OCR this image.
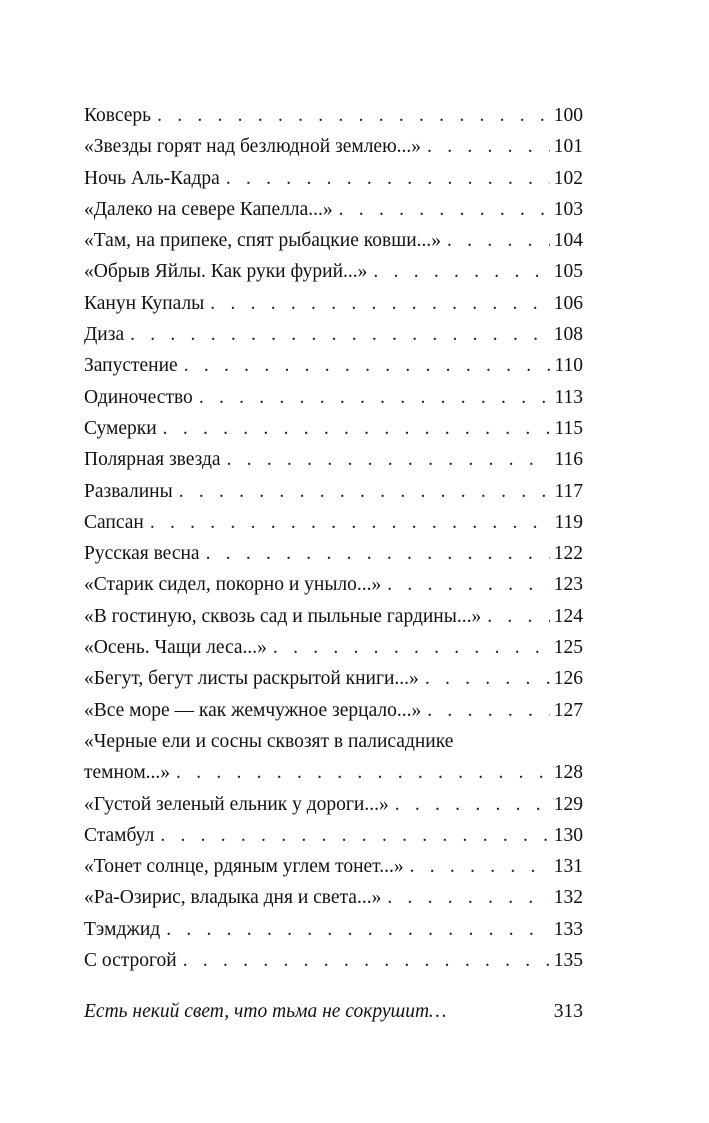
Ковсерь . . .	100
«Звезды горят над безлюдной землею...» . . .	101
Ночь Аль-Кадра . . .	102
«Далеко на севере Капелла...» . . .	103
«Там, на припеке, спят рыбацкие ковши...» . . .	104
«Обрыв Яйлы. Как руки фурий...» . . .	105
Канун Купалы . . .	106
Диза . . .	108
Запустение . . .	110
Одиночество . . .	113
Сумерки . . .	115
Полярная звезда . . .	116
Развалины . . .	117
Сапсан . . .	119
Русская весна . . .	122
«Старик сидел, покорно и уныло...» . . .	123
«В гостиную, сквозь сад и пыльные гардины...» . . .	124
«Осень. Чащи леса...» . . .	125
«Бегут, бегут листы раскрытой книги...» . . .	126
«Все море — как жемчужное зерцало...» . . .	127
«Черные ели и сосны сквозят в палисаднике
темном...» . . .	128
«Густой зеленый ельник у дороги...» . . .	129
Стамбул . . .	130
«Тонет солнце, рдяным углем тонет...» . . .	131
«Ра-Озирис, владыка дня и света...» . . .	132
Тэмджид . . .	133
С острогой . . .	135
Есть некий свет, что тьма не сокрушит…	313
